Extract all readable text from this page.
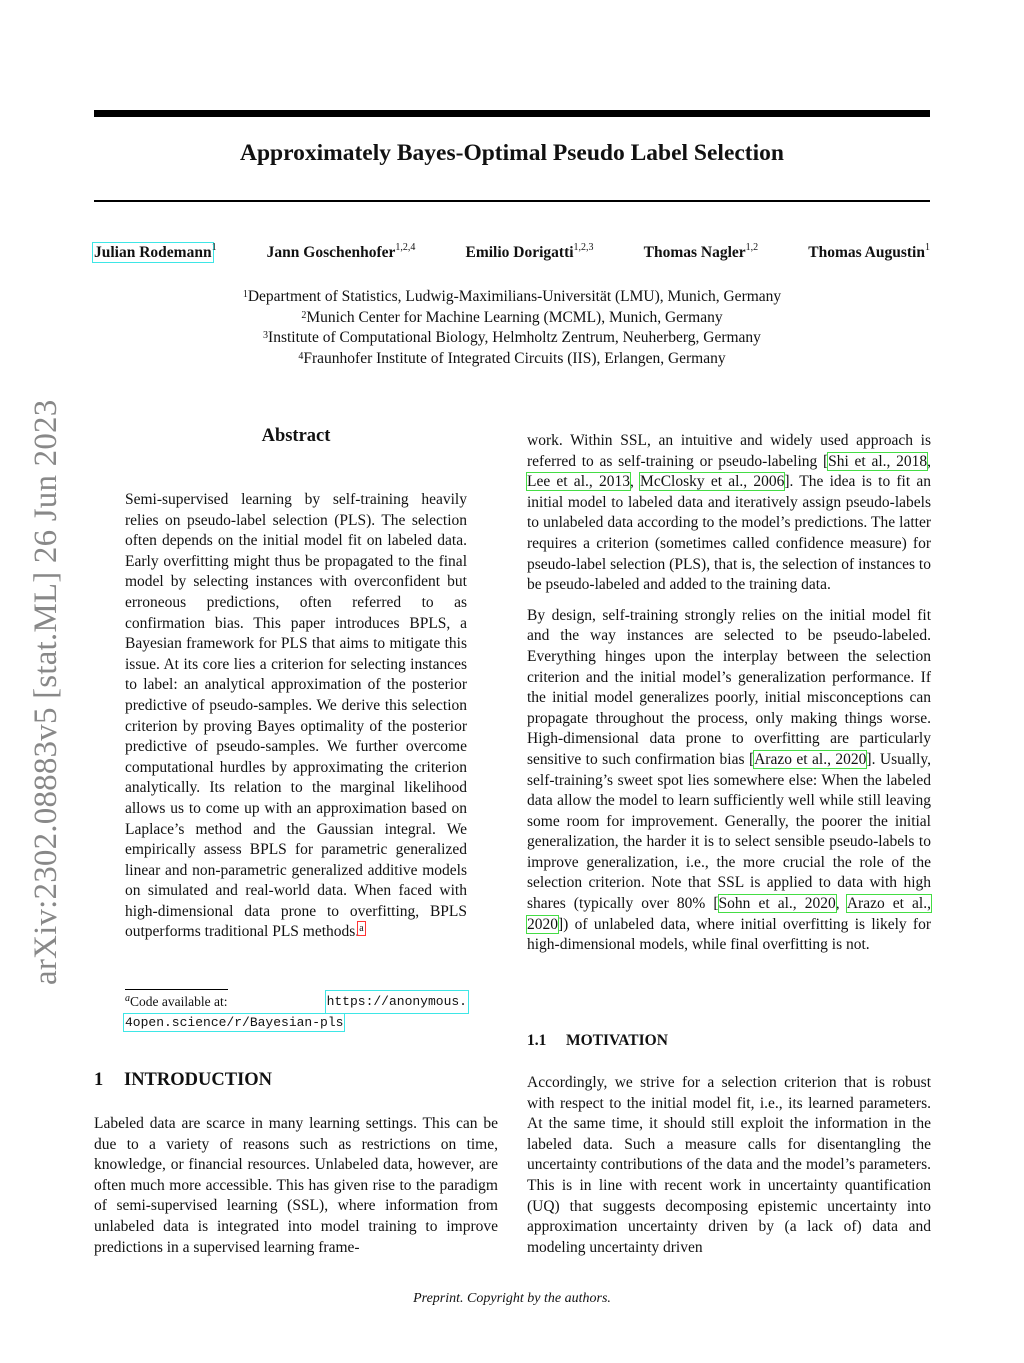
arXiv:2302.08883v5 [stat.ML] 26 Jun 2023
Approximately Bayes-Optimal Pseudo Label Selection
Julian Rodemann$^1$	Jann Goschenhofer$^{1,2,4}$	Emilio Dorigatti$^{1,2,3}$	Thomas Nagler$^{1,2}$	Thomas Augustin$^1$
$^1$Department of Statistics, Ludwig-Maximilians-Universität (LMU), Munich, Germany
$^2$Munich Center for Machine Learning (MCML), Munich, Germany
$^3$Institute of Computational Biology, Helmholtz Zentrum, Neuherberg, Germany
$^4$Fraunhofer Institute of Integrated Circuits (IIS), Erlangen, Germany
Abstract
Semi-supervised learning by self-training heavily relies on pseudo-label selection (PLS). The selection often depends on the initial model fit on labeled data. Early overfitting might thus be propagated to the final model by selecting instances with overconfident but erroneous predictions, often referred to as confirmation bias. This paper introduces BPLS, a Bayesian framework for PLS that aims to mitigate this issue. At its core lies a criterion for selecting instances to label: an analytical approximation of the posterior predictive of pseudo-samples. We derive this selection criterion by proving Bayes optimality of the posterior predictive of pseudo-samples. We further overcome computational hurdles by approximating the criterion analytically. Its relation to the marginal likelihood allows us to come up with an approximation based on Laplace’s method and the Gaussian integral. We empirically assess BPLS for parametric generalized linear and non-parametric generalized additive models on simulated and real-world data. When faced with high-dimensional data prone to overfitting, BPLS outperforms traditional PLS methods.$^a$
$^a$Code available at:	https://anonymous.
4open.science/r/Bayesian-pls
1 INTRODUCTION
Labeled data are scarce in many learning settings. This can be due to a variety of reasons such as restrictions on time, knowledge, or financial resources. Unlabeled data, however, are often much more accessible. This has given rise to the paradigm of semi-supervised learning (SSL), where information from unlabeled data is integrated into model training to improve predictions in a supervised learning frame-

work. Within SSL, an intuitive and widely used approach is referred to as self-training or pseudo-labeling [Shi et al., 2018, Lee et al., 2013, McClosky et al., 2006]. The idea is to fit an initial model to labeled data and iteratively assign pseudo-labels to unlabeled data according to the model’s predictions. The latter requires a criterion (sometimes called confidence measure) for pseudo-label selection (PLS), that is, the selection of instances to be pseudo-labeled and added to the training data.

By design, self-training strongly relies on the initial model fit and the way instances are selected to be pseudo-labeled. Everything hinges upon the interplay between the selection criterion and the initial model’s generalization performance. If the initial model generalizes poorly, initial misconceptions can propagate throughout the process, only making things worse. High-dimensional data prone to overfitting are particularly sensitive to such confirmation bias [Arazo et al., 2020]. Usually, self-training’s sweet spot lies somewhere else: When the labeled data allow the model to learn sufficiently well while still leaving some room for improvement. Generally, the poorer the initial generalization, the harder it is to select sensible pseudo-labels to improve generalization, i.e., the more crucial the role of the selection criterion. Note that SSL is applied to data with high shares (typically over 80% [Sohn et al., 2020, Arazo et al., 2020]) of unlabeled data, where initial overfitting is likely for high-dimensional models, while final overfitting is not.

1.1 MOTIVATION
Accordingly, we strive for a selection criterion that is robust with respect to the initial model fit, i.e., its learned parameters. At the same time, it should still exploit the information in the labeled data. Such a measure calls for disentangling the uncertainty contributions of the data and the model’s parameters. This is in line with recent work in uncertainty quantification (UQ) that suggests decomposing epistemic uncertainty into approximation uncertainty driven by (a lack of) data and modeling uncertainty driven
Preprint. Copyright by the authors.
